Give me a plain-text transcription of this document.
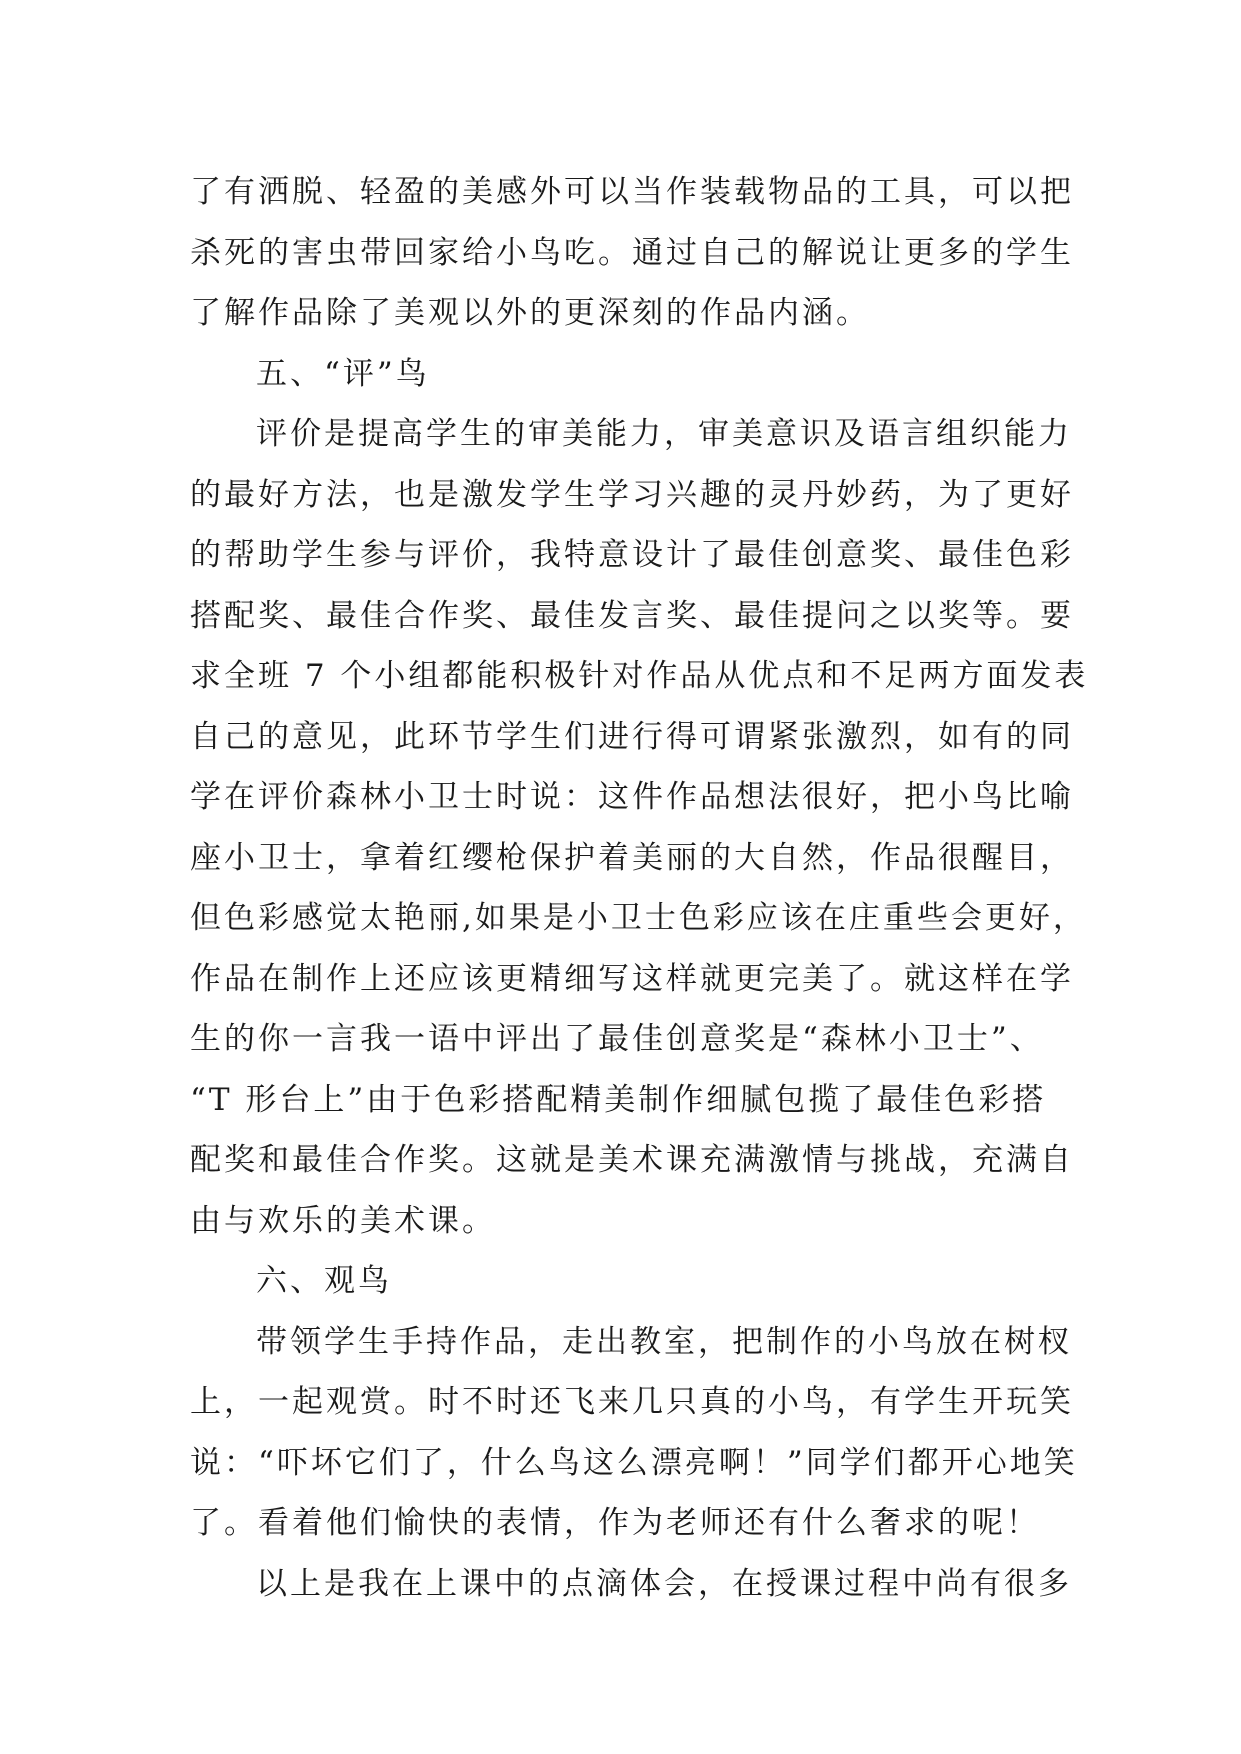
了有洒脱、轻盈的美感外可以当作装载物品的工具，可以把
杀死的害虫带回家给小鸟吃。通过自己的解说让更多的学生
了解作品除了美观以外的更深刻的作品内涵。
五、“评”鸟
评价是提高学生的审美能力，审美意识及语言组织能力
的最好方法，也是激发学生学习兴趣的灵丹妙药，为了更好
的帮助学生参与评价，我特意设计了最佳创意奖、最佳色彩
搭配奖、最佳合作奖、最佳发言奖、最佳提问之以奖等。要
求全班 7 个小组都能积极针对作品从优点和不足两方面发表
自己的意见，此环节学生们进行得可谓紧张激烈，如有的同
学在评价森林小卫士时说：这件作品想法很好，把小鸟比喻
座小卫士，拿着红缨枪保护着美丽的大自然，作品很醒目，
但色彩感觉太艳丽,如果是小卫士色彩应该在庄重些会更好，
作品在制作上还应该更精细写这样就更完美了。就这样在学
生的你一言我一语中评出了最佳创意奖是“森林小卫士”、
“T 形台上”由于色彩搭配精美制作细腻包揽了最佳色彩搭
配奖和最佳合作奖。这就是美术课充满激情与挑战，充满自
由与欢乐的美术课。
六、观鸟
带领学生手持作品，走出教室，把制作的小鸟放在树杈
上，一起观赏。时不时还飞来几只真的小鸟，有学生开玩笑
说：“吓坏它们了，什么鸟这么漂亮啊！”同学们都开心地笑
了。看着他们愉快的表情，作为老师还有什么奢求的呢！
以上是我在上课中的点滴体会，在授课过程中尚有很多
